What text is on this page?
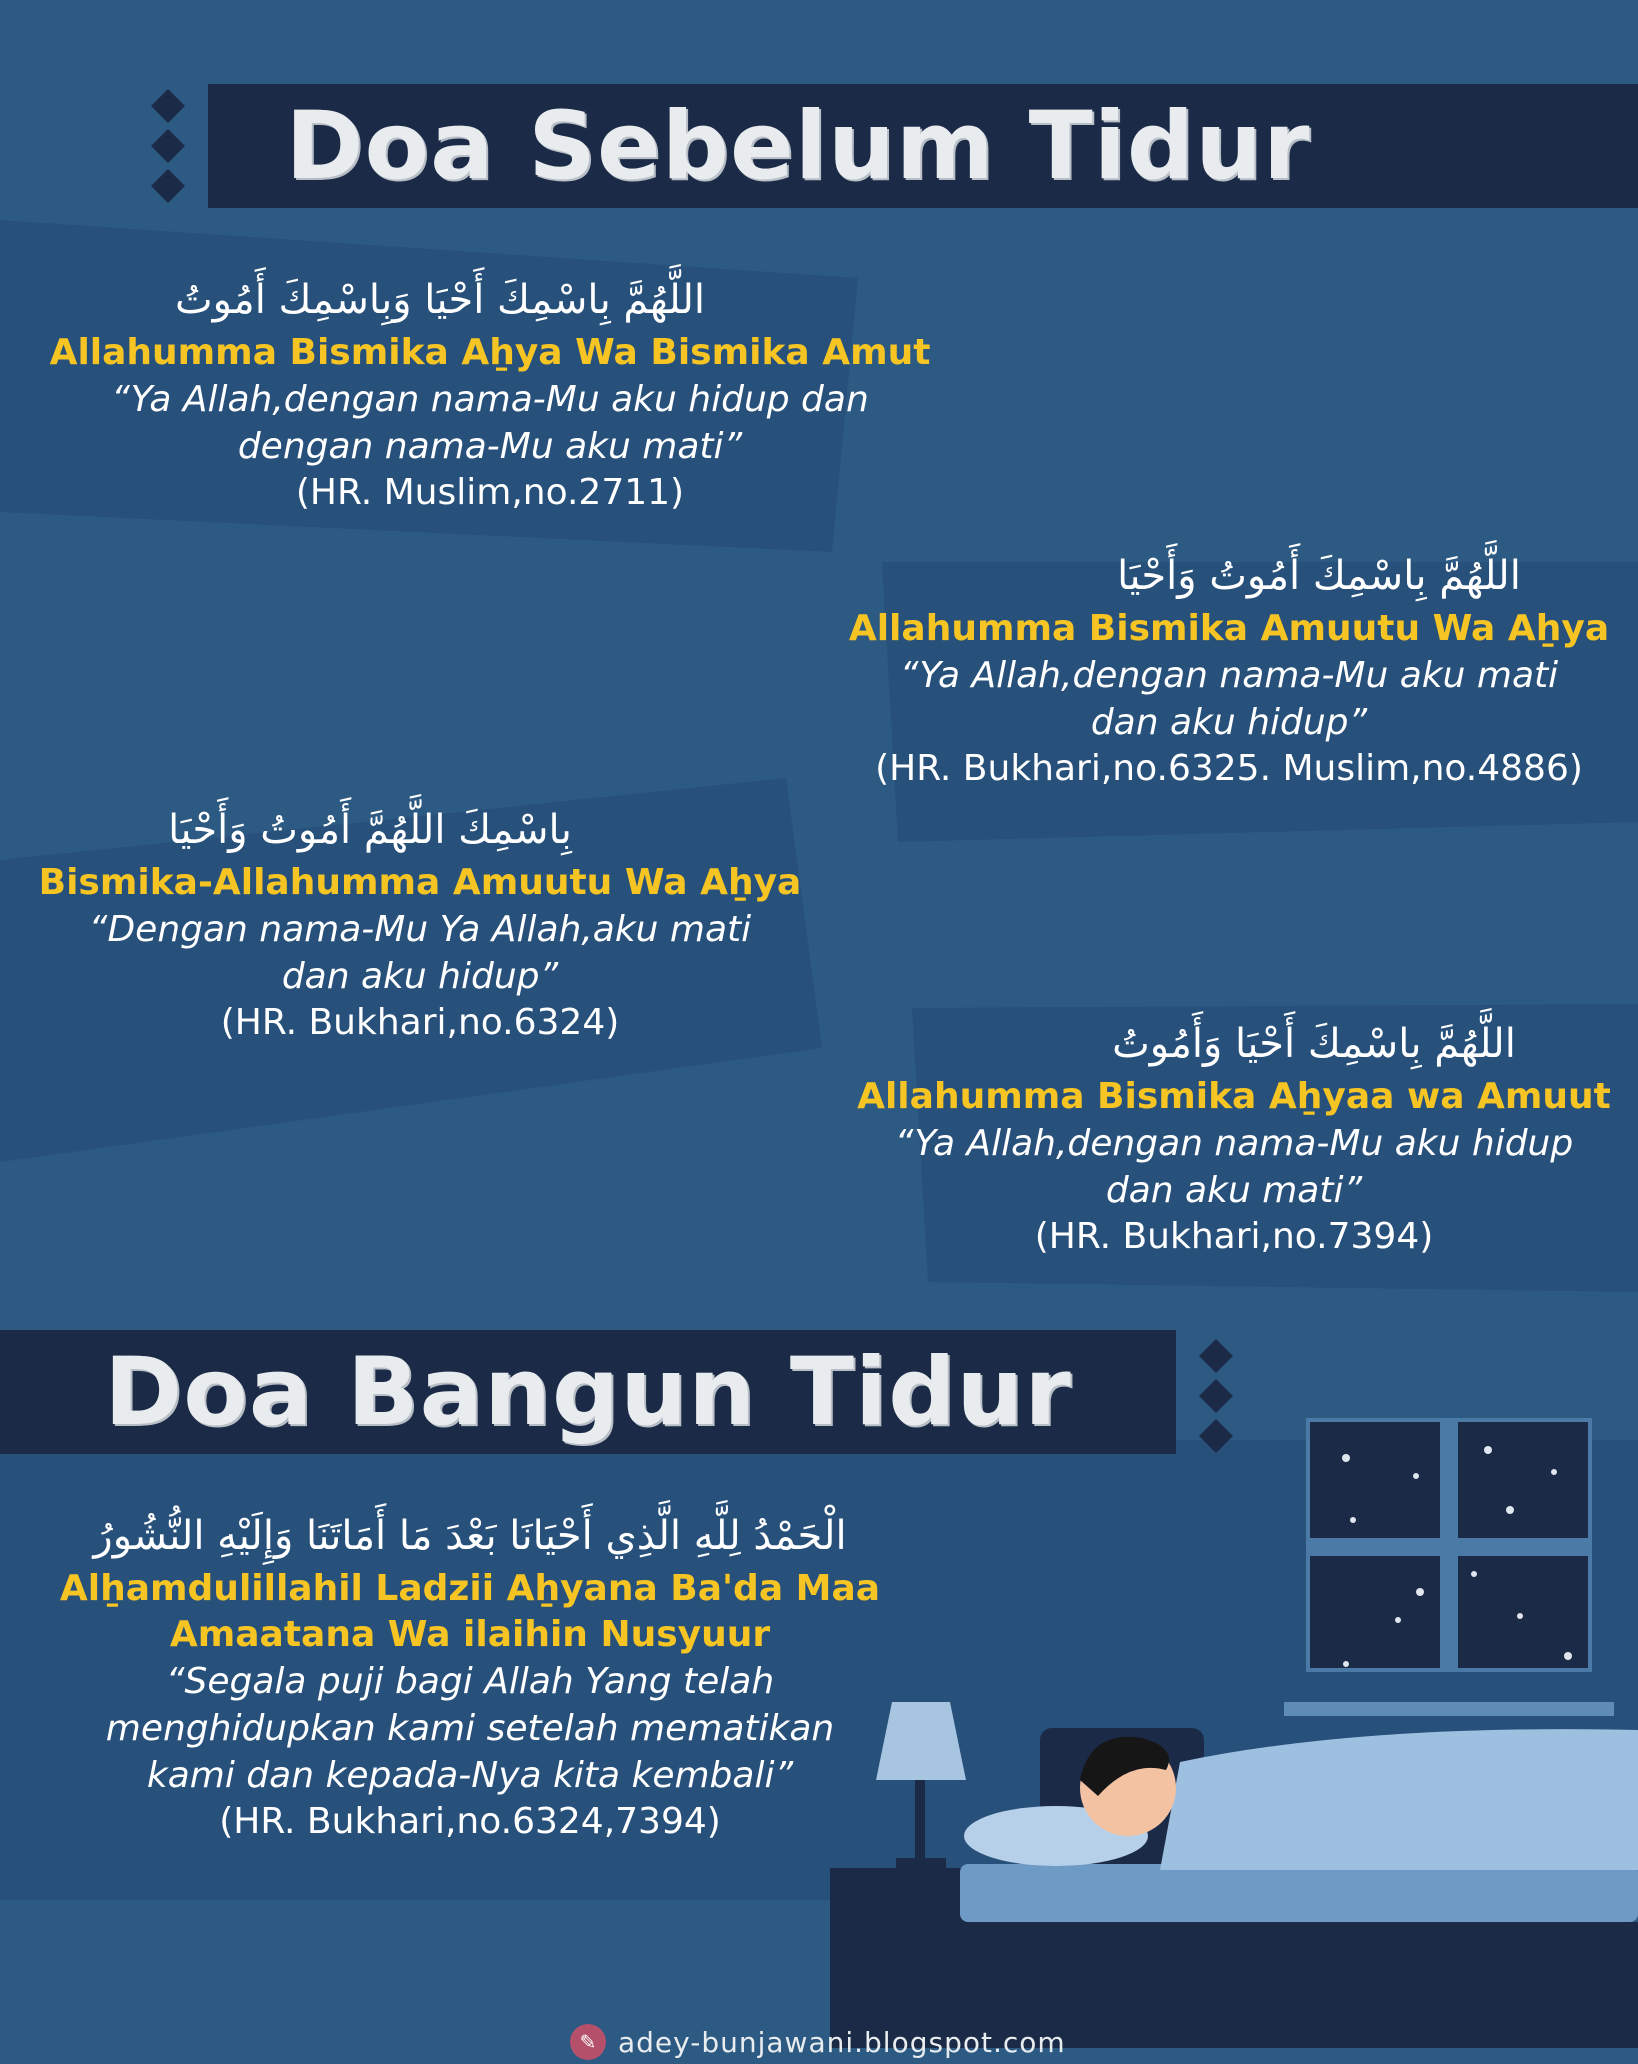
Doa Sebelum Tidur
اللَّهُمَّ بِاسْمِكَ أَحْيَا وَبِاسْمِكَ أَمُوتُ
Allahumma Bismika Aẖya Wa Bismika Amut
“Ya Allah,dengan nama-Mu aku hidup dan
dengan nama-Mu aku mati”
(HR. Muslim,no.2711)
اللَّهُمَّ بِاسْمِكَ أَمُوتُ وَأَحْيَا
Allahumma Bismika Amuutu Wa Aẖya
“Ya Allah,dengan nama-Mu aku mati
dan aku hidup”
(HR. Bukhari,no.6325. Muslim,no.4886)
بِاسْمِكَ اللَّهُمَّ أَمُوتُ وَأَحْيَا
Bismika-Allahumma Amuutu Wa Aẖya
“Dengan nama-Mu Ya Allah,aku mati
dan aku hidup”
(HR. Bukhari,no.6324)	اللَّهُمَّ بِاسْمِكَ أَحْيَا وَأَمُوتُ
Allahumma Bismika Aẖyaa wa Amuut
“Ya Allah,dengan nama-Mu aku hidup
dan aku mati”
(HR. Bukhari,no.7394)
Doa Bangun Tidur
الْحَمْدُ لِلَّهِ الَّذِي أَحْيَانَا بَعْدَ مَا أَمَاتَنَا وَإِلَيْهِ النُّشُورُ
Alẖamdulillahil Ladzii Aẖyana Ba'da Maa
Amaatana Wa ilaihin Nusyuur
“Segala puji bagi Allah Yang telah
menghidupkan kami setelah mematikan
kami dan kepada-Nya kita kembali”
(HR. Bukhari,no.6324,7394)
✎ adey-bunjawani.blogspot.com
